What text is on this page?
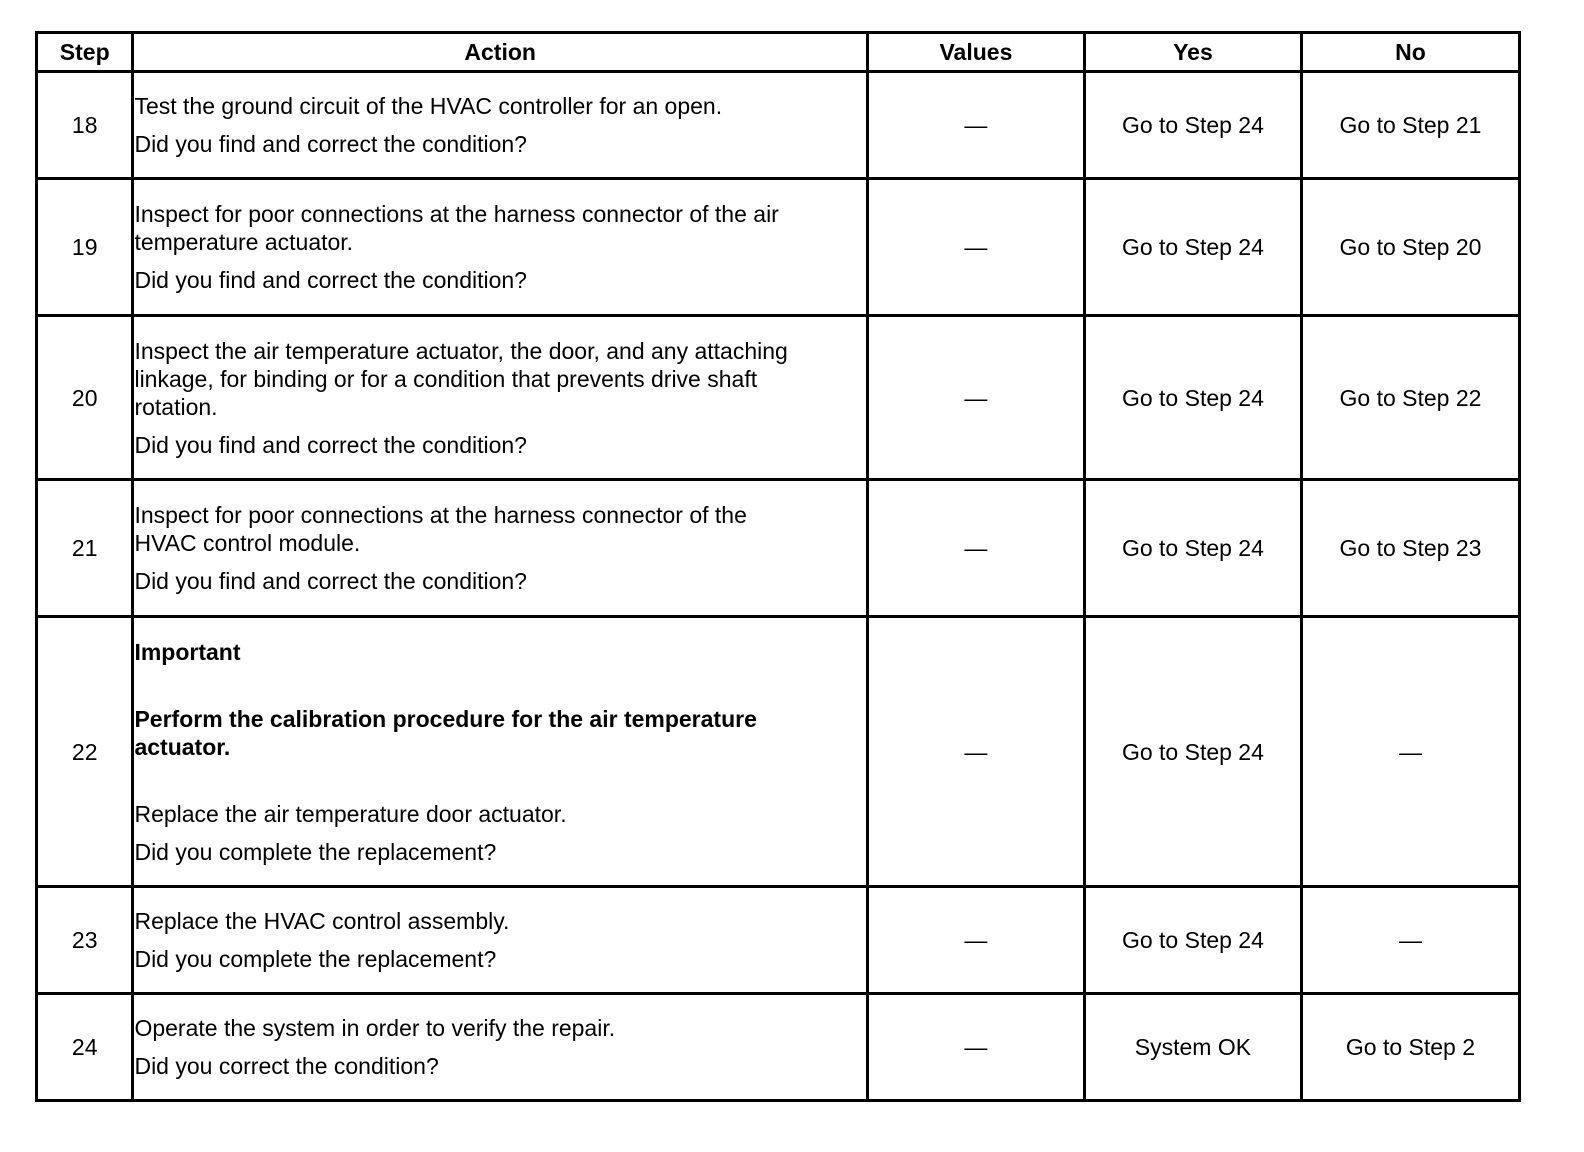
Step	Action	Values	Yes	No
18	Test the ground circuit of the HVAC controller for an open.
Did you find and correct the condition?	—	Go to Step 24	Go to Step 21
19	Inspect for poor connections at the harness connector of the air
temperature actuator.
Did you find and correct the condition?	—	Go to Step 24	Go to Step 20
20	Inspect the air temperature actuator, the door, and any attaching
linkage, for binding or for a condition that prevents drive shaft
rotation.
Did you find and correct the condition?	—	Go to Step 24	Go to Step 22
21	Inspect for poor connections at the harness connector of the
HVAC control module.
Did you find and correct the condition?	—	Go to Step 24	Go to Step 23
22	Important
Perform the calibration procedure for the air temperature
actuator.
Replace the air temperature door actuator.
Did you complete the replacement?	—	Go to Step 24	—
23	Replace the HVAC control assembly.
Did you complete the replacement?	—	Go to Step 24	—
24	Operate the system in order to verify the repair.
Did you correct the condition?	—	System OK	Go to Step 2
